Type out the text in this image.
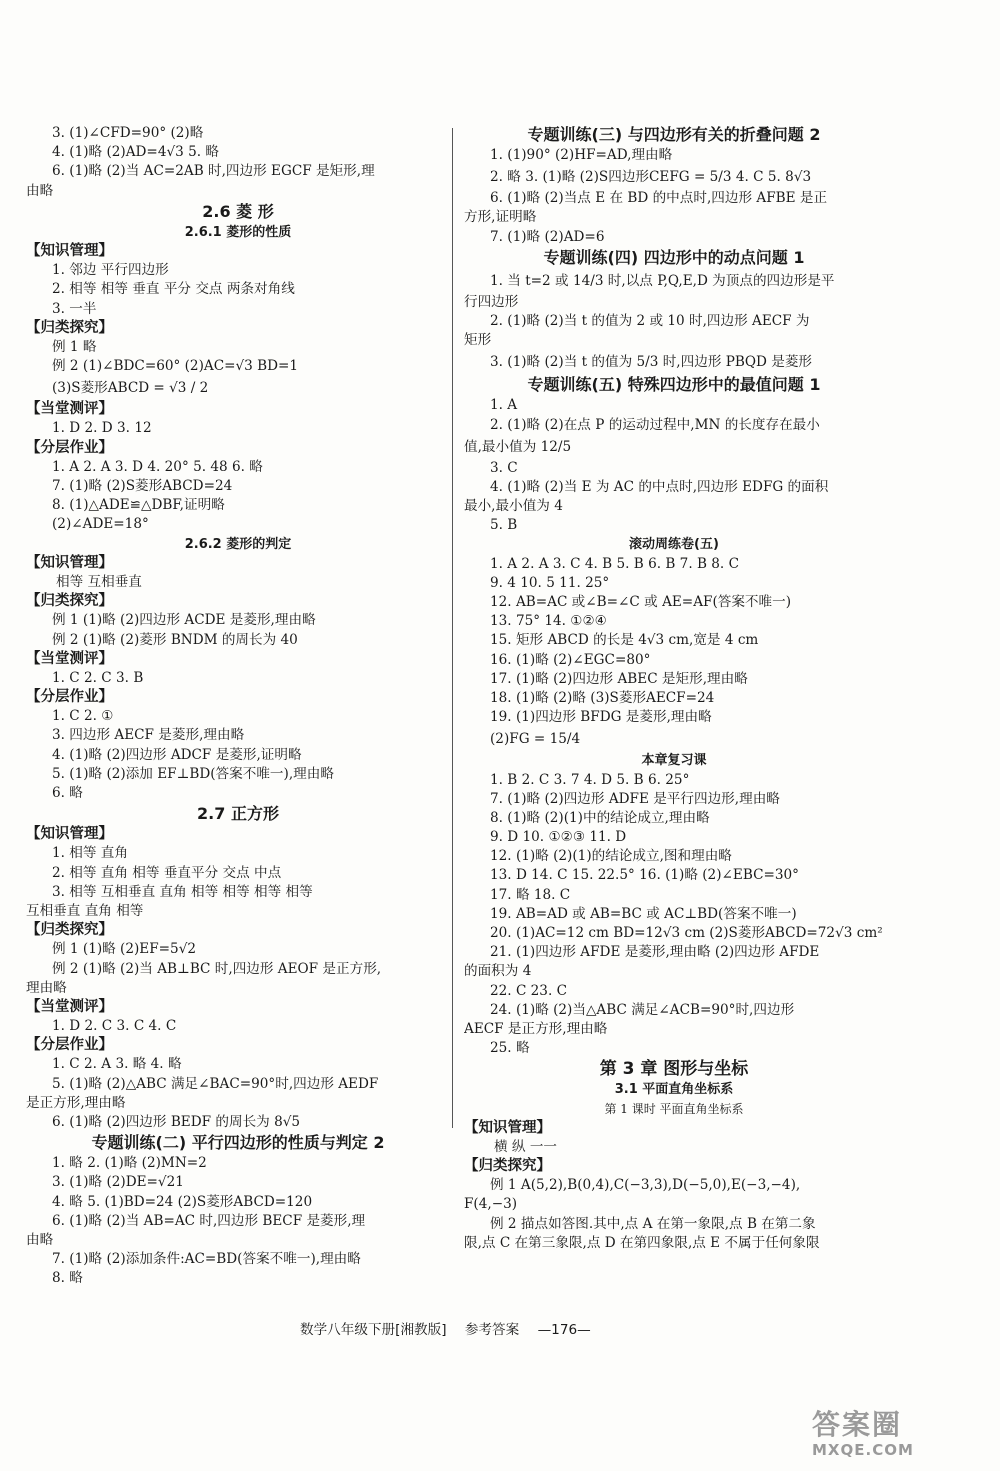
3. (1)∠CFD=90° (2)略
4. (1)略 (2)AD=4√3 5. 略
6. (1)略 (2)当 AC=2AB 时,四边形 EGCF 是矩形,理
由略
2.6 菱 形
2.6.1 菱形的性质
【知识管理】
1. 邻边 平行四边形
2. 相等 相等 垂直 平分 交点 两条对角线
3. 一半
【归类探究】
例 1 略
例 2 (1)∠BDC=60° (2)AC=√3 BD=1
(3)S菱形ABCD = √3 / 2
【当堂测评】
1. D 2. D 3. 12
【分层作业】
1. A 2. A 3. D 4. 20° 5. 48 6. 略
7. (1)略 (2)S菱形ABCD=24
8. (1)△ADE≌△DBF,证明略
(2)∠ADE=18°
2.6.2 菱形的判定
【知识管理】
相等 互相垂直
【归类探究】
例 1 (1)略 (2)四边形 ACDE 是菱形,理由略
例 2 (1)略 (2)菱形 BNDM 的周长为 40
【当堂测评】
1. C 2. C 3. B
【分层作业】
1. C 2. ①
3. 四边形 AECF 是菱形,理由略
4. (1)略 (2)四边形 ADCF 是菱形,证明略
5. (1)略 (2)添加 EF⊥BD(答案不唯一),理由略
6. 略
2.7 正方形
【知识管理】
1. 相等 直角
2. 相等 直角 相等 垂直平分 交点 中点
3. 相等 互相垂直 直角 相等 相等 相等 相等
互相垂直 直角 相等
【归类探究】
例 1 (1)略 (2)EF=5√2
例 2 (1)略 (2)当 AB⊥BC 时,四边形 AEOF 是正方形,
理由略
【当堂测评】
1. D 2. C 3. C 4. C
【分层作业】
1. C 2. A 3. 略 4. 略
5. (1)略 (2)△ABC 满足∠BAC=90°时,四边形 AEDF
是正方形,理由略
6. (1)略 (2)四边形 BEDF 的周长为 8√5
专题训练(二) 平行四边形的性质与判定 2
1. 略 2. (1)略 (2)MN=2
3. (1)略 (2)DE=√21
4. 略 5. (1)BD=24 (2)S菱形ABCD=120
6. (1)略 (2)当 AB=AC 时,四边形 BECF 是菱形,理
由略
7. (1)略 (2)添加条件:AC=BD(答案不唯一),理由略
8. 略
专题训练(三) 与四边形有关的折叠问题 2
1. (1)90° (2)HF=AD,理由略
2. 略 3. (1)略 (2)S四边形CEFG = 5/3 4. C 5. 8√3
6. (1)略 (2)当点 E 在 BD 的中点时,四边形 AFBE 是正
方形,证明略
7. (1)略 (2)AD=6
专题训练(四) 四边形中的动点问题 1
1. 当 t=2 或 14/3 时,以点 P,Q,E,D 为顶点的四边形是平
行四边形
2. (1)略 (2)当 t 的值为 2 或 10 时,四边形 AECF 为
矩形
3. (1)略 (2)当 t 的值为 5/3 时,四边形 PBQD 是菱形
专题训练(五) 特殊四边形中的最值问题 1
1. A
2. (1)略 (2)在点 P 的运动过程中,MN 的长度存在最小
值,最小值为 12/5
3. C
4. (1)略 (2)当 E 为 AC 的中点时,四边形 EDFG 的面积
最小,最小值为 4
5. B
滚动周练卷(五)
1. A 2. A 3. C 4. B 5. B 6. B 7. B 8. C
9. 4 10. 5 11. 25°
12. AB=AC 或∠B=∠C 或 AE=AF(答案不唯一)
13. 75° 14. ①②④
15. 矩形 ABCD 的长是 4√3 cm,宽是 4 cm
16. (1)略 (2)∠EGC=80°
17. (1)略 (2)四边形 ABEC 是矩形,理由略
18. (1)略 (2)略 (3)S菱形AECF=24
19. (1)四边形 BFDG 是菱形,理由略
(2)FG = 15/4
本章复习课
1. B 2. C 3. 7 4. D 5. B 6. 25°
7. (1)略 (2)四边形 ADFE 是平行四边形,理由略
8. (1)略 (2)(1)中的结论成立,理由略
9. D 10. ①②③ 11. D
12. (1)略 (2)(1)的结论成立,图和理由略
13. D 14. C 15. 22.5° 16. (1)略 (2)∠EBC=30°
17. 略 18. C
19. AB=AD 或 AB=BC 或 AC⊥BD(答案不唯一)
20. (1)AC=12 cm BD=12√3 cm (2)S菱形ABCD=72√3 cm²
21. (1)四边形 AFDE 是菱形,理由略 (2)四边形 AFDE
的面积为 4
22. C 23. C
24. (1)略 (2)当△ABC 满足∠ACB=90°时,四边形
AECF 是正方形,理由略
25. 略
第 3 章 图形与坐标
3.1 平面直角坐标系
第 1 课时 平面直角坐标系
【知识管理】
横 纵 一一
【归类探究】
例 1 A(5,2),B(0,4),C(−3,3),D(−5,0),E(−3,−4),
F(4,−3)
例 2 描点如答图.其中,点 A 在第一象限,点 B 在第二象
限,点 C 在第三象限,点 D 在第四象限,点 E 不属于任何象限
数学八年级下册[湘教版] 参考答案 —176—
答案圈
MXQE.COM
